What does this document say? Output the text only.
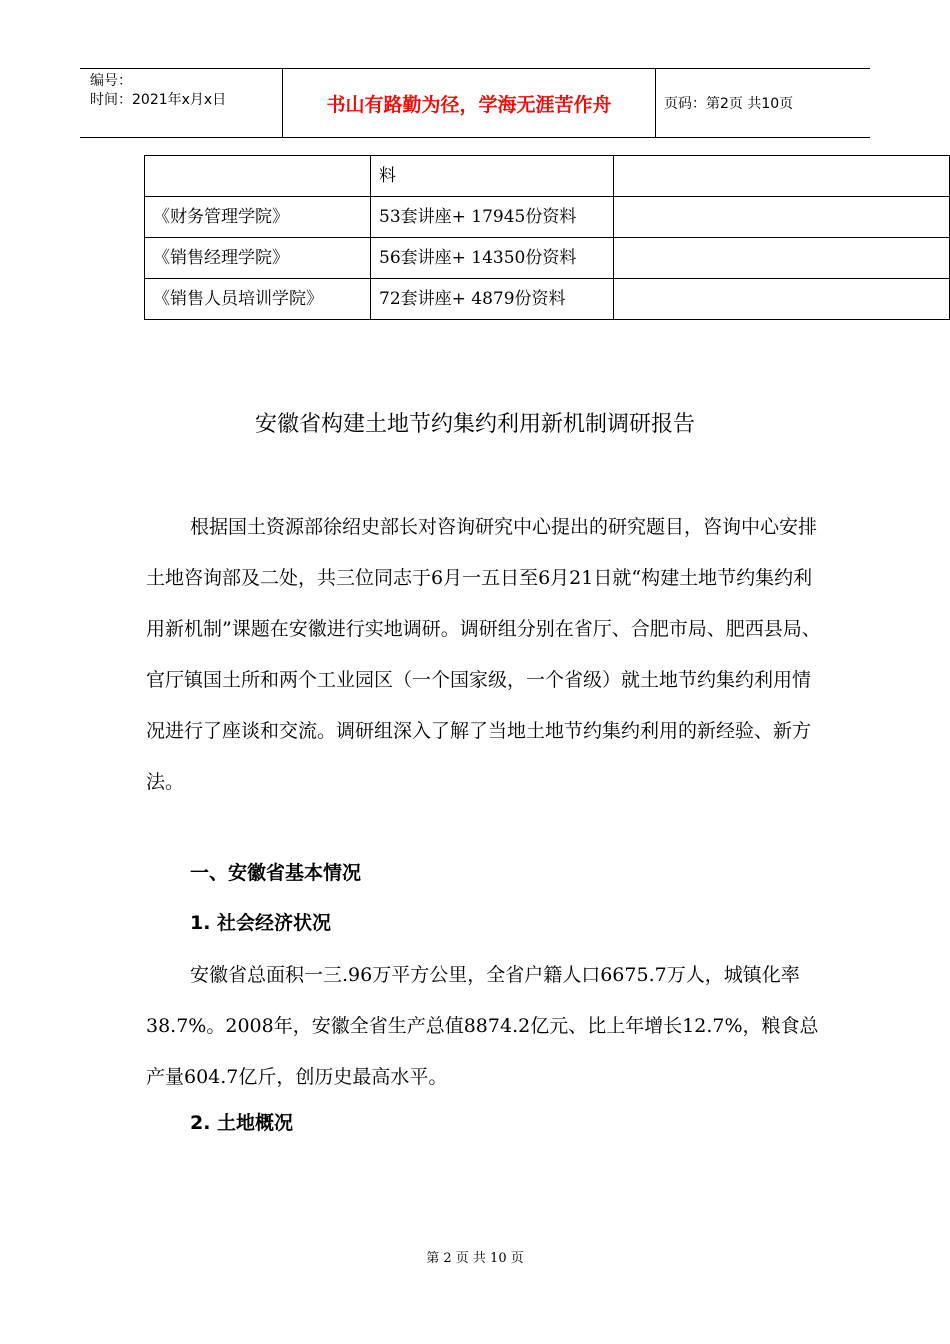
编号：
时间：2021年x月x日	书山有路勤为径，学海无涯苦作舟	页码：第2页 共10页
	料	
《财务管理学院》	53套讲座+ 17945份资料	
《销售经理学院》	56套讲座+ 14350份资料	
《销售人员培训学院》	72套讲座+ 4879份资料	
安徽省构建土地节约集约利用新机制调研报告

根据国土资源部徐绍史部长对咨询研究中心提出的研究题目，咨询中心安排土地咨询部及二处，共三位同志于6月一五日至6月21日就“构建土地节约集约利用新机制”课题在安徽进行实地调研。调研组分别在省厅、合肥市局、肥西县局、官厅镇国土所和两个工业园区（一个国家级，一个省级）就土地节约集约利用情况进行了座谈和交流。调研组深入了解了当地土地节约集约利用的新经验、新方法。

一、安徽省基本情况
1. 社会经济状况

安徽省总面积一三.96万平方公里，全省户籍人口6675.7万人，城镇化率38.7%。2008年，安徽全省生产总值8874.2亿元、比上年增长12.7%，粮食总产量604.7亿斤，创历史最高水平。

2. 土地概况
第 2 页 共 10 页
